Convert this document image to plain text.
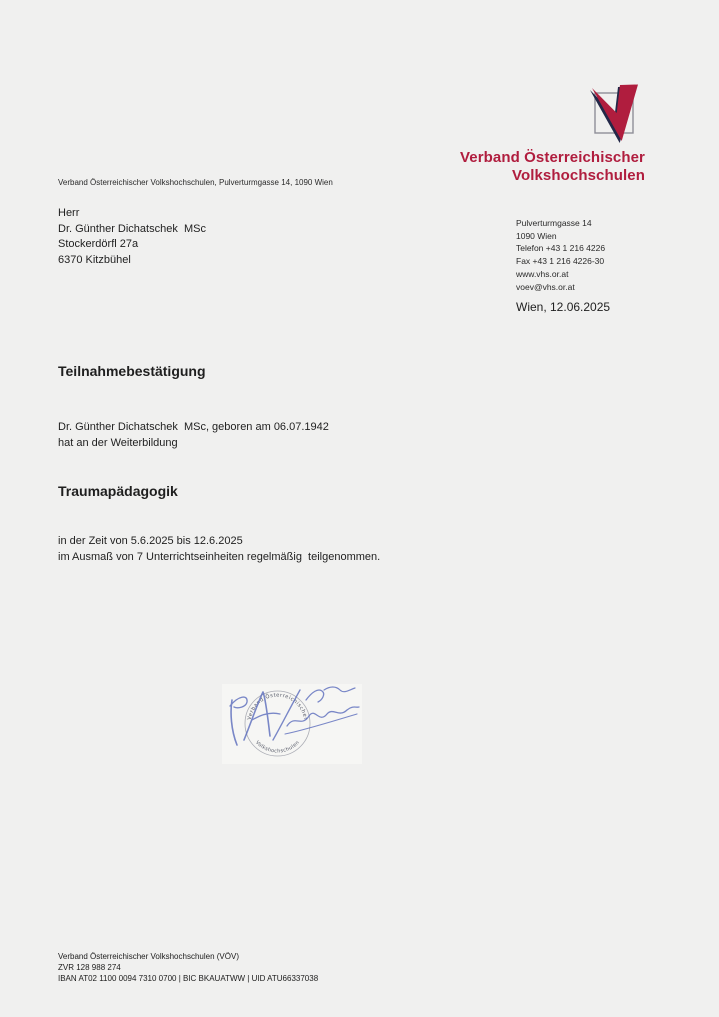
Verband Österreichischer
Volkshochschulen
Verband Österreichischer Volkshochschulen, Pulverturmgasse 14, 1090 Wien
Herr
Dr. Günther Dichatschek  MSc
Stockerdörfl 27a
6370 Kitzbühel
Pulverturmgasse 14
1090 Wien
Telefon +43 1 216 4226
Fax +43 1 216 4226-30
www.vhs.or.at
voev@vhs.or.at
Wien, 12.06.2025
Teilnahmebestätigung
Dr. Günther Dichatschek  MSc, geboren am 06.07.1942
hat an der Weiterbildung
Traumapädagogik
in der Zeit von 5.6.2025 bis 12.6.2025
im Ausmaß von 7 Unterrichtseinheiten regelmäßig  teilgenommen.
Verband Österreichischer
Volkshochschulen
Verband Österreichischer Volkshochschulen (VÖV)
ZVR 128 988 274
IBAN AT02 1100 0094 7310 0700 | BIC BKAUATWW | UID ATU66337038
